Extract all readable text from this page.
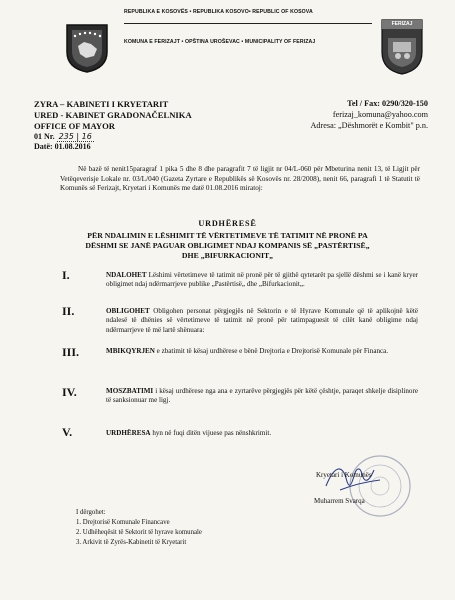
FERIZAJ
REPUBLIKA E KOSOVËS • REPUBLIKA KOSOVO• REPUBLIC OF KOSOVA
KOMUNA E FERIZAJT • OPŠTINA UROŠEVAC • MUNICIPALITY OF FERIZAJ
ZYRA – KABINETI I KRYETARIT
URED - KABINET GRADONAČELNIKA
OFFICE OF MAYOR
01 Nr. 235 | 16
Datë: 01.08.2016
Tel / Fax: 0290/320-150
ferizaj_komuna@yahoo.com
Adresa: „Dëshmorët e Kombit" p.n.
Në bazë të nenit15paragraf 1 pika 5 dhe 8 dhe paragrafit 7 të ligjit nr 04/L-060 për Mbeturina nenit 13, të Ligjit për Vetëqeverisje Lokale nr. 03/L/040 (Gazeta Zyrtare e Republikës së Kosovës nr. 28/2008), nenit 66, paragrafi 1 të Statutit të Komunës së Ferizajt, Kryetari i Komunës me datë 01.08.2016 miratoj:
URDHËRESË
PËR NDALIMIN E LËSHIMIT TË VËRTETIMEVE TË TATIMIT NË PRONË PA
DËSHMI SE JANË PAGUAR OBLIGIMET NDAJ KOMPANIS SË „PASTËRTISË„
DHE „BIFURKACIONIT„
I.	NDALOHET Lëshimi vërtetimeve të tatimit në pronë për të gjithë qytetarët pa sjellë dëshmi se i kanë kryer obligimet ndaj ndërmarrjeve publike „Pastërtisë„ dhe „Bifurkacionit„.
II.	OBLIGOHET Obligohen personat përgjegjës në Sektorin e të Hyrave Komunale që të aplikojnë këtë ndalesë të dhënies së vërtetimeve të tatimit në pronë për tatimpaguesit të cilët kanë obligime ndaj ndërmarrjeve të më lartë shënuara:
III.	MBIKQYRJEN e zbatimit të kësaj urdhërese e bënë Drejtoria e Drejtorisë Komunale për Financa.
IV.	MOSZBATIMI i kësaj urdhërese nga ana e zyrtarëve përgjegjës për këtë çështje, paraqet shkelje disiplinore të sanksionuar me ligj.
V.	URDHËRESA hyn në fuqi ditën vijuese pas nënshkrimit.
Kryetari i Komunës
Muharrem Svarqa
I dërgohet:
1. Drejtorisë Komunale Financave
2. Udhëheqësit të Sektorit të hyrave komunale
3. Arkivit të Zyrës-Kabinetit të Kryetarit
